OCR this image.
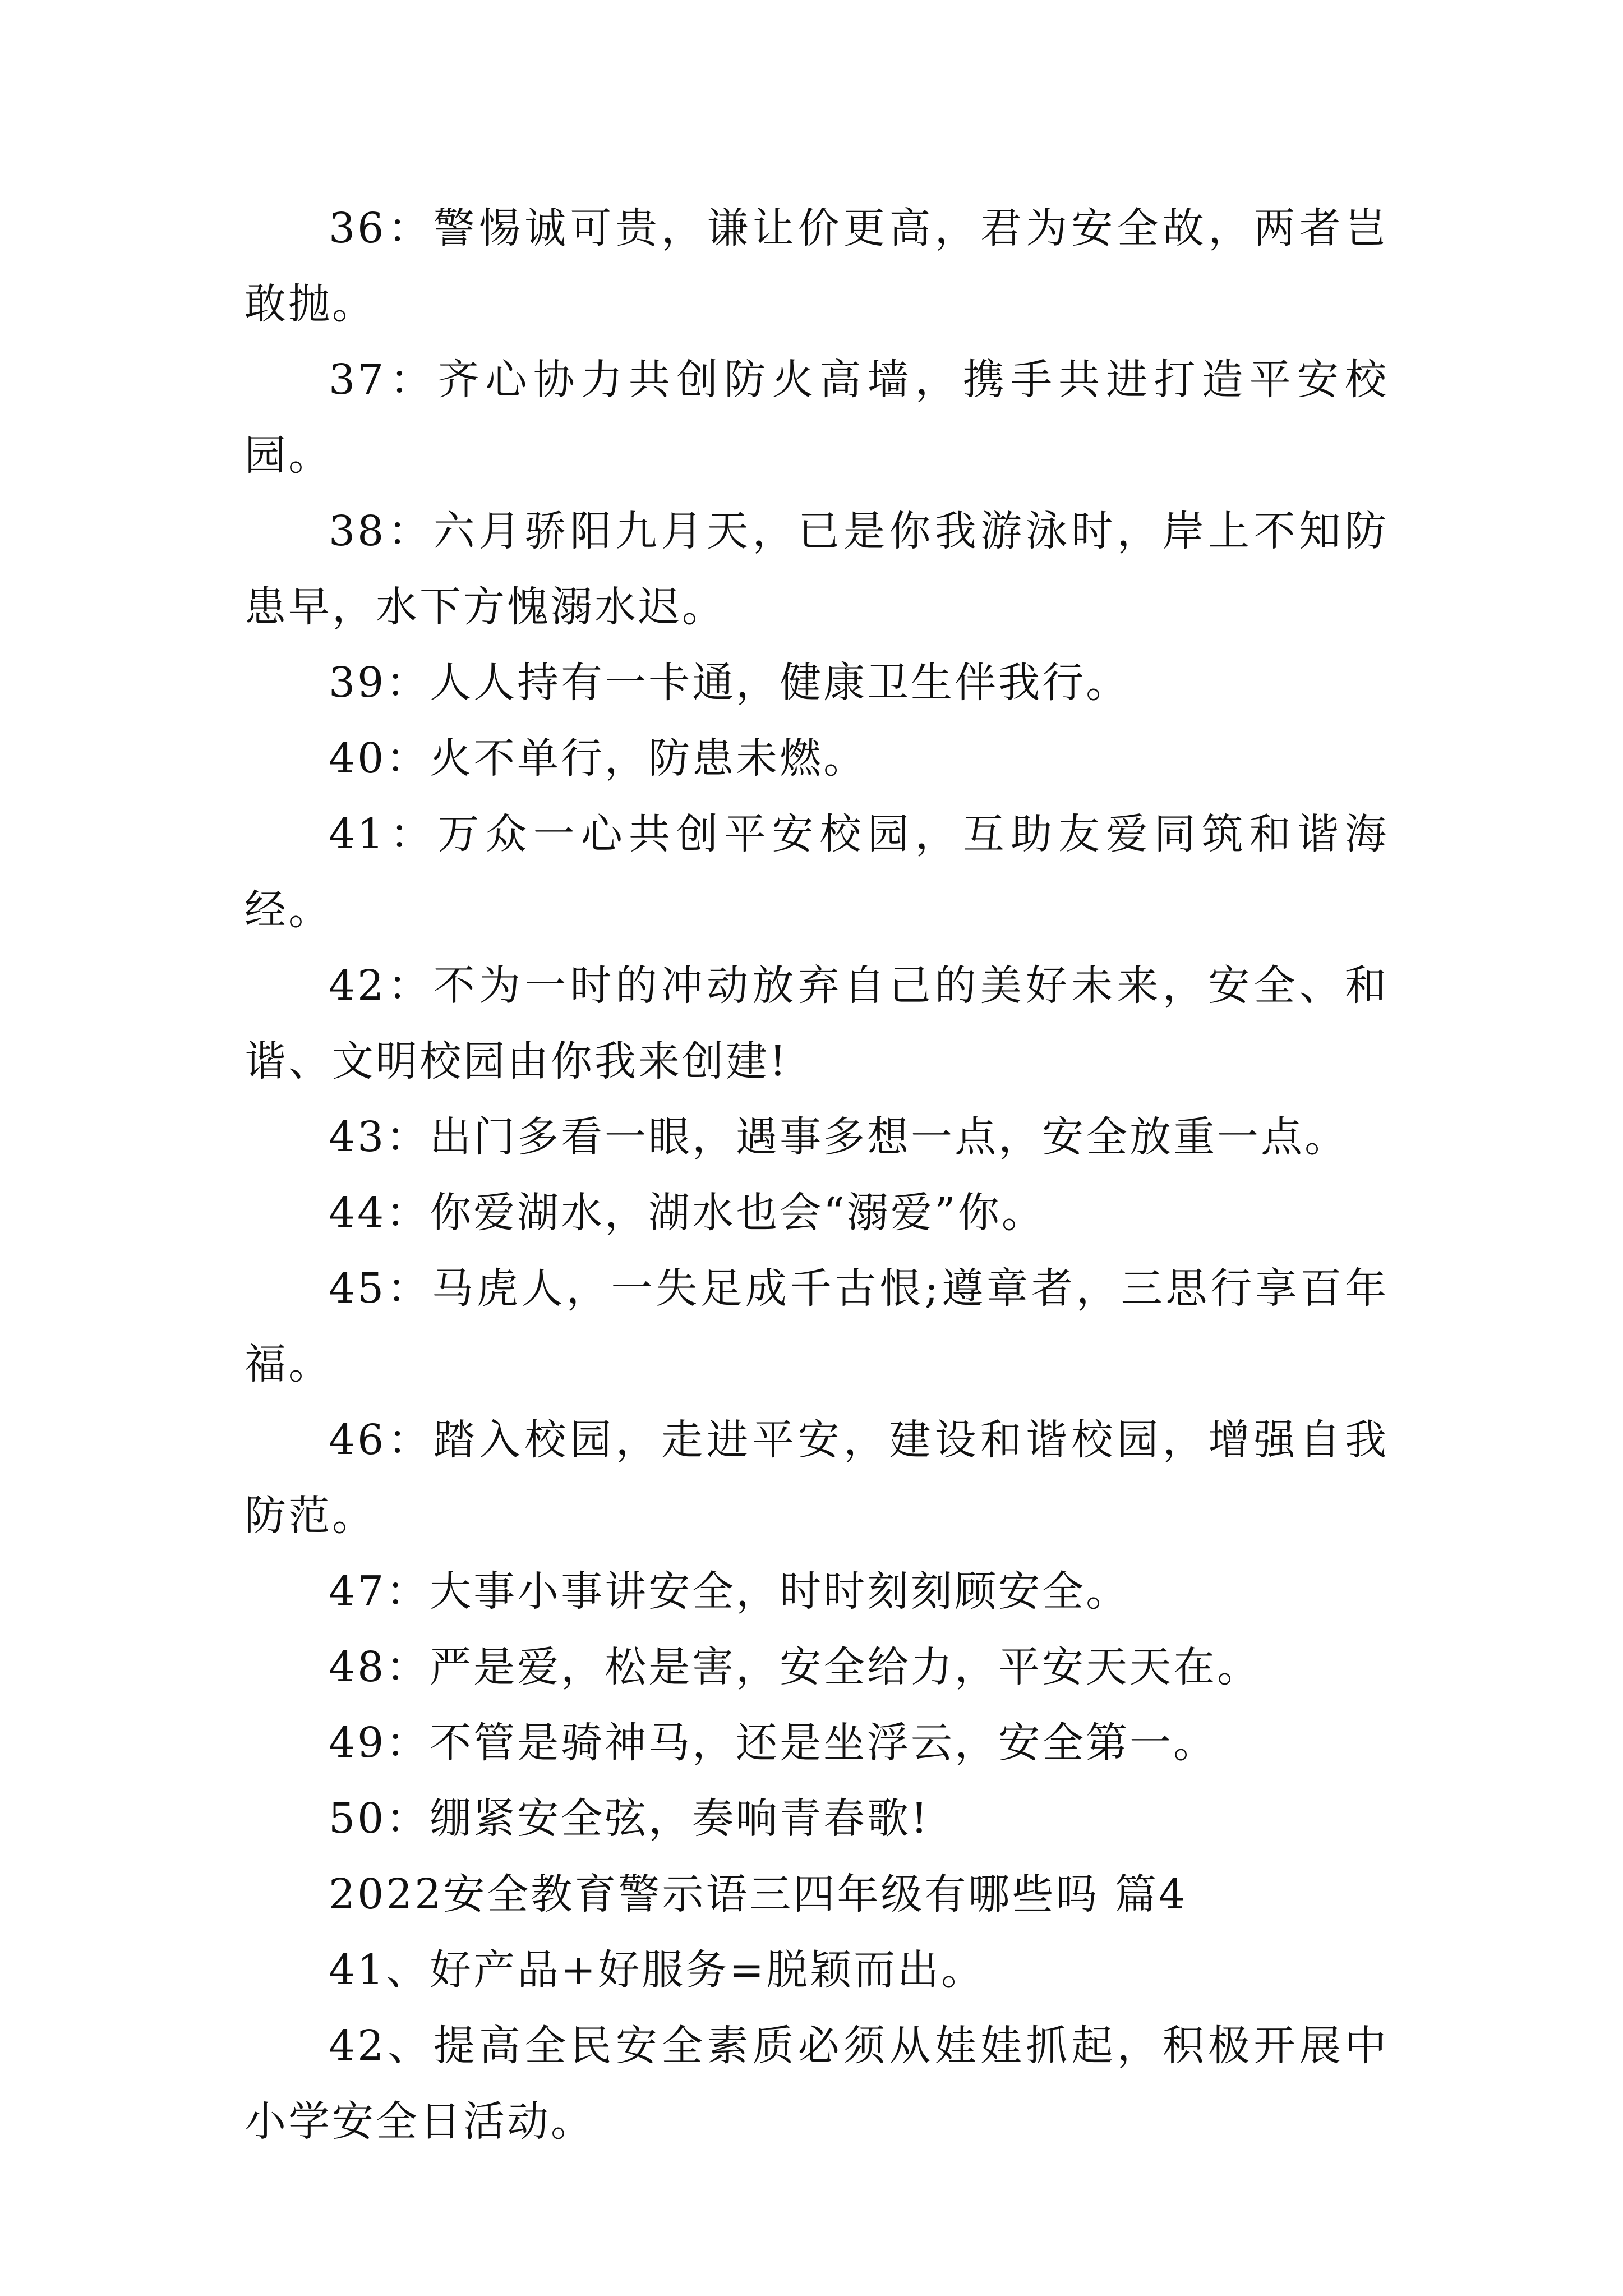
36：警惕诚可贵，谦让价更高，君为安全故，两者岂敢抛。

37：齐心协力共创防火高墙，携手共进打造平安校园。

38：六月骄阳九月天，已是你我游泳时，岸上不知防患早，水下方愧溺水迟。

39：人人持有一卡通，健康卫生伴我行。

40：火不单行，防患未燃。

41：万众一心共创平安校园，互助友爱同筑和谐海经。

42：不为一时的冲动放弃自己的美好未来，安全、和谐、文明校园由你我来创建!

43：出门多看一眼，遇事多想一点，安全放重一点。

44：你爱湖水，湖水也会“溺爱”你。

45：马虎人，一失足成千古恨;遵章者，三思行享百年福。

46：踏入校园，走进平安，建设和谐校园，增强自我防范。

47：大事小事讲安全，时时刻刻顾安全。

48：严是爱，松是害，安全给力，平安天天在。

49：不管是骑神马，还是坐浮云，安全第一。

50：绷紧安全弦，奏响青春歌!

2022安全教育警示语三四年级有哪些吗 篇4

41、好产品+好服务=脱颖而出。

42、提高全民安全素质必须从娃娃抓起，积极开展中小学安全日活动。
